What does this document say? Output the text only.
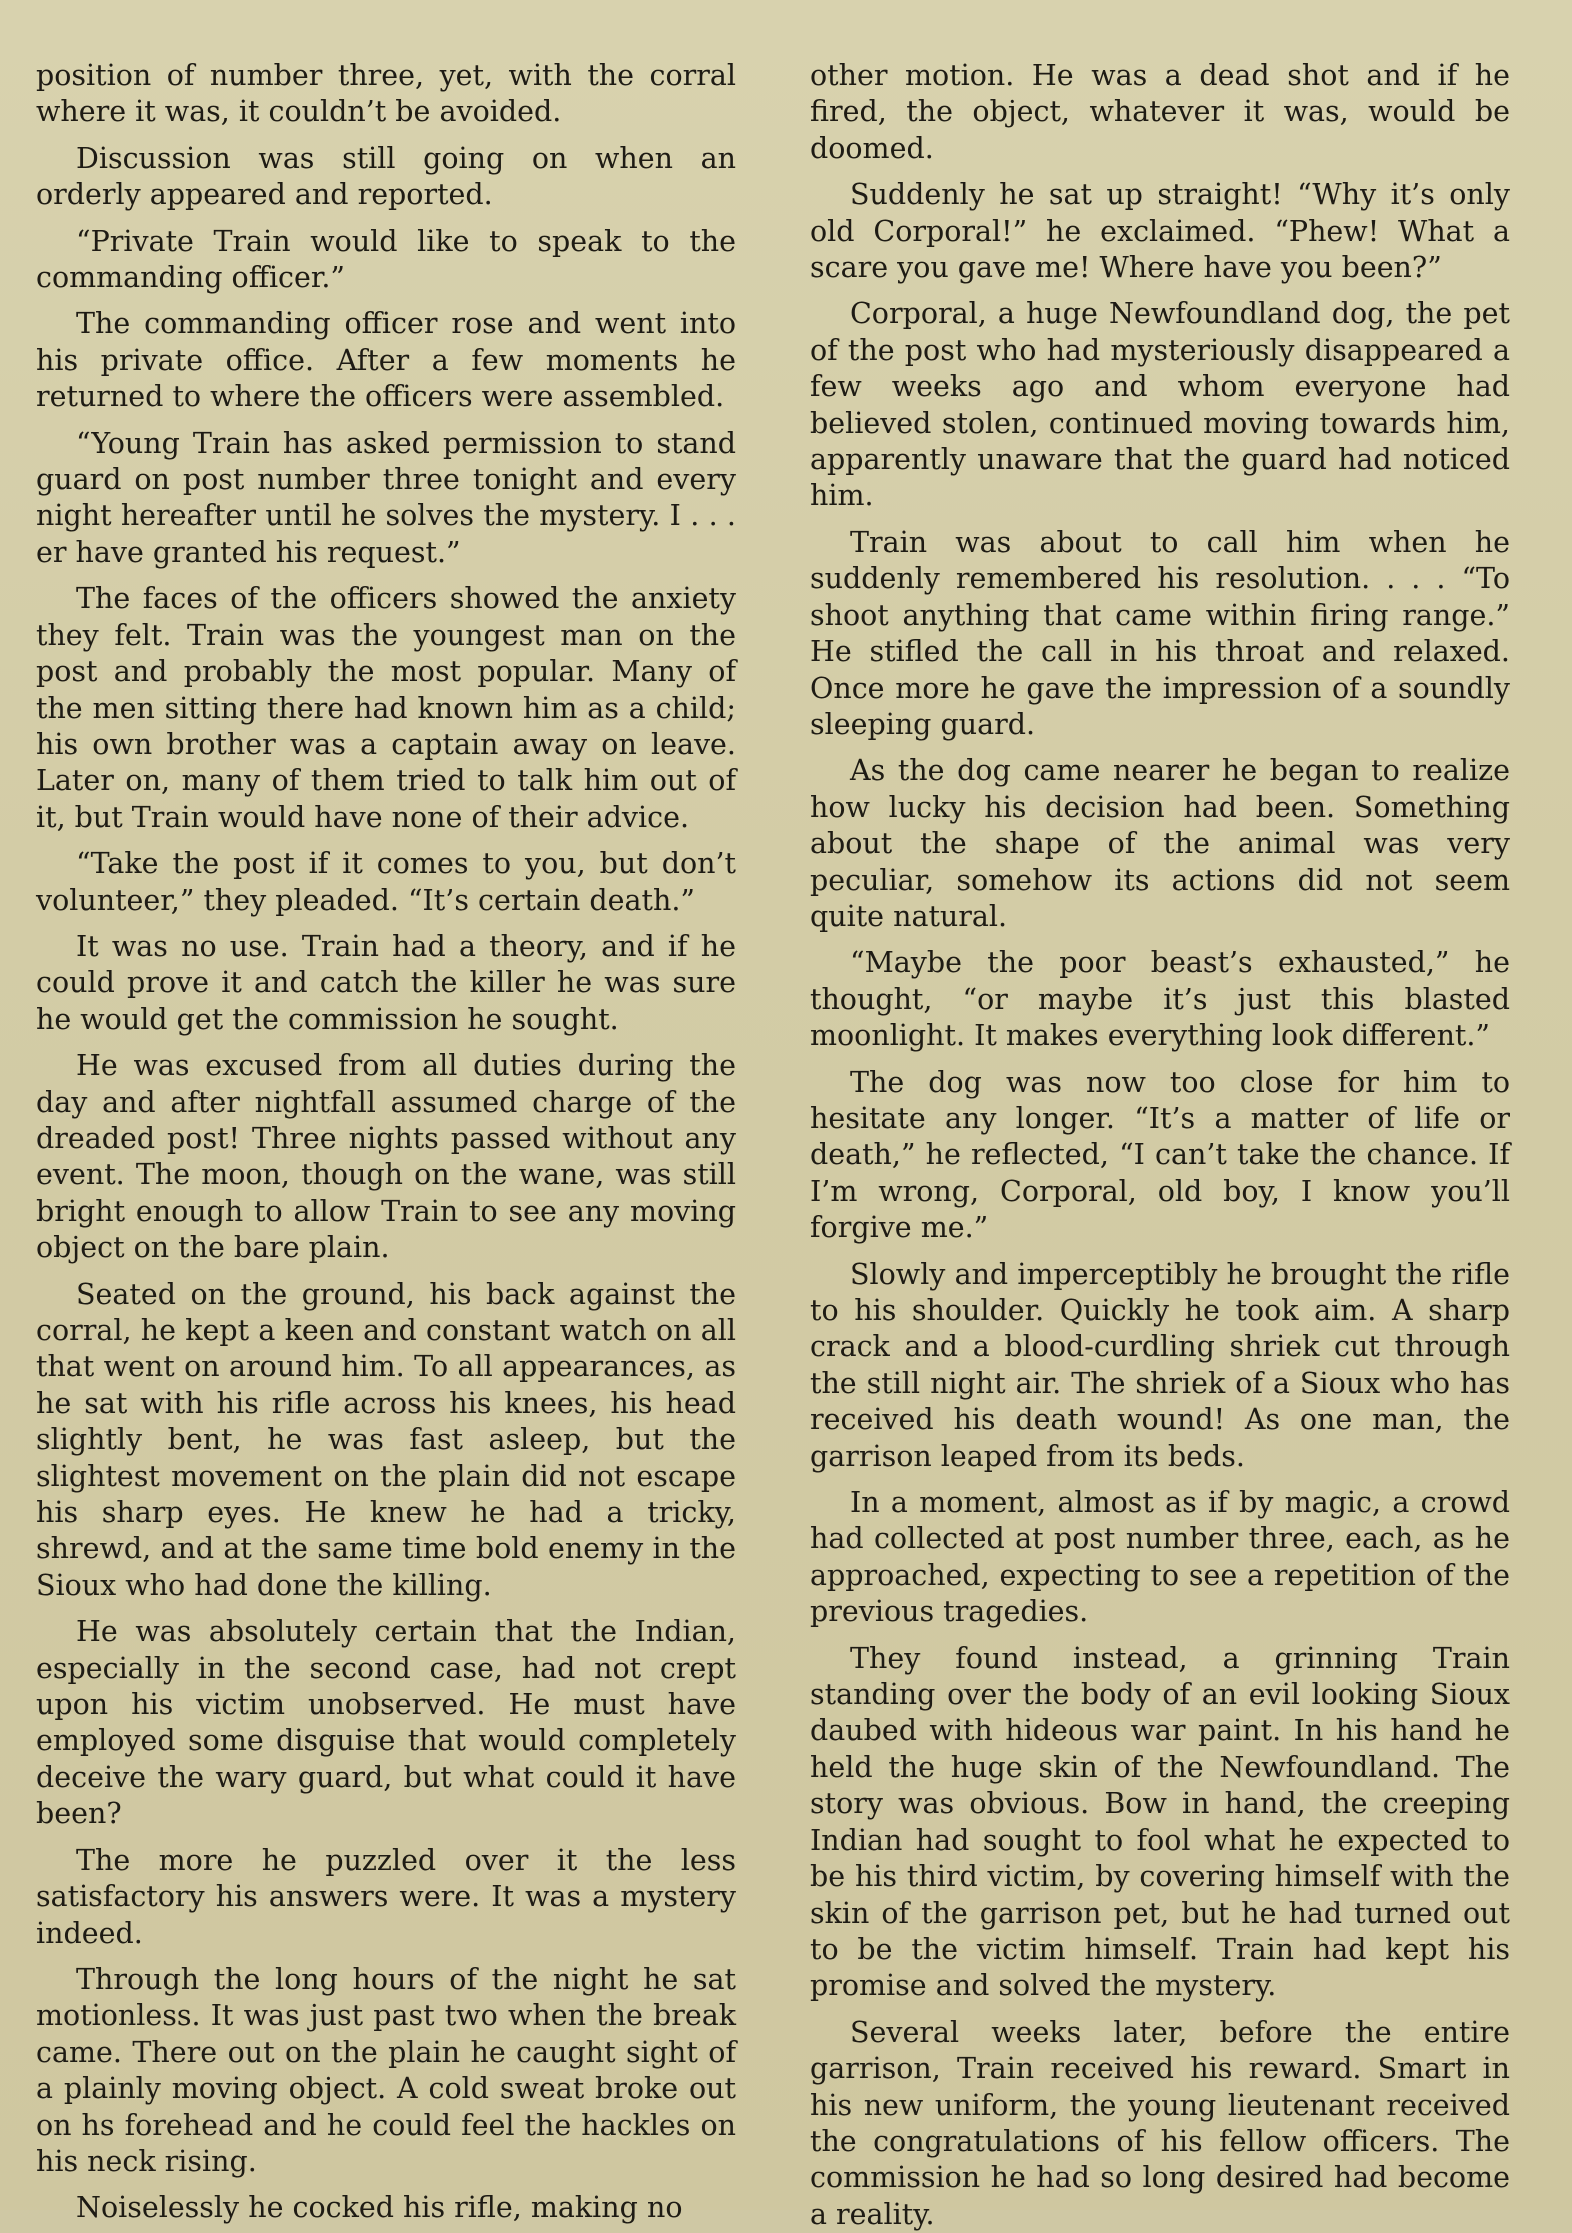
position of number three, yet, with the corral where it was, it couldn’t be avoided.

Discussion was still going on when an orderly appeared and reported.

“Private Train would like to speak to the commanding officer.”

The commanding officer rose and went into his private office. After a few moments he returned to where the officers were assembled.

“Young Train has asked permission to stand guard on post number three tonight and every night hereafter until he solves the mystery. I . . . er have granted his request.”

The faces of the officers showed the anxiety they felt. Train was the youngest man on the post and probably the most popular. Many of the men sitting there had known him as a child; his own brother was a captain away on leave. Later on, many of them tried to talk him out of it, but Train would have none of their advice.

“Take the post if it comes to you, but don’t volunteer,” they pleaded. “It’s certain death.”

It was no use. Train had a theory, and if he could prove it and catch the killer he was sure he would get the commission he sought.

He was excused from all duties during the day and after nightfall assumed charge of the dreaded post! Three nights passed without any event. The moon, though on the wane, was still bright enough to allow Train to see any moving object on the bare plain.

Seated on the ground, his back against the corral, he kept a keen and constant watch on all that went on around him. To all appearances, as he sat with his rifle across his knees, his head slightly bent, he was fast asleep, but the slightest movement on the plain did not escape his sharp eyes. He knew he had a tricky, shrewd, and at the same time bold enemy in the Sioux who had done the killing.

He was absolutely certain that the Indian, especially in the second case, had not crept upon his victim unobserved. He must have employed some disguise that would completely deceive the wary guard, but what could it have been?

The more he puzzled over it the less satisfactory his answers were. It was a mystery indeed.

Through the long hours of the night he sat motionless. It was just past two when the break came. There out on the plain he caught sight of a plainly moving object. A cold sweat broke out on hs forehead and he could feel the hackles on his neck rising.

Noiselessly he cocked his rifle, making no

other motion. He was a dead shot and if he fired, the object, whatever it was, would be doomed.

Suddenly he sat up straight! “Why it’s only old Corporal!” he exclaimed. “Phew! What a scare you gave me! Where have you been?”

Corporal, a huge Newfoundland dog, the pet of the post who had mysteriously disappeared a few weeks ago and whom everyone had believed stolen, continued moving towards him, apparently unaware that the guard had noticed him.

Train was about to call him when he suddenly remembered his resolution. . . . “To shoot anything that came within firing range.” He stifled the call in his throat and relaxed. Once more he gave the impression of a soundly sleeping guard.

As the dog came nearer he began to realize how lucky his decision had been. Something about the shape of the animal was very peculiar, somehow its actions did not seem quite natural.

“Maybe the poor beast’s exhausted,” he thought, “or maybe it’s just this blasted moonlight. It makes everything look different.”

The dog was now too close for him to hesitate any longer. “It’s a matter of life or death,” he reflected, “I can’t take the chance. If I’m wrong, Corporal, old boy, I know you’ll forgive me.”

Slowly and imperceptibly he brought the rifle to his shoulder. Quickly he took aim. A sharp crack and a blood-curdling shriek cut through the still night air. The shriek of a Sioux who has received his death wound! As one man, the garrison leaped from its beds.

In a moment, almost as if by magic, a crowd had collected at post number three, each, as he approached, expecting to see a repetition of the previous tragedies.

They found instead, a grinning Train standing over the body of an evil looking Sioux daubed with hideous war paint. In his hand he held the huge skin of the Newfoundland. The story was obvious. Bow in hand, the creeping Indian had sought to fool what he expected to be his third victim, by covering himself with the skin of the garrison pet, but he had turned out to be the victim himself. Train had kept his promise and solved the mystery.

Several weeks later, before the entire garrison, Train received his reward. Smart in his new uniform, the young lieutenant received the congratulations of his fellow officers. The commission he had so long desired had become a reality.
